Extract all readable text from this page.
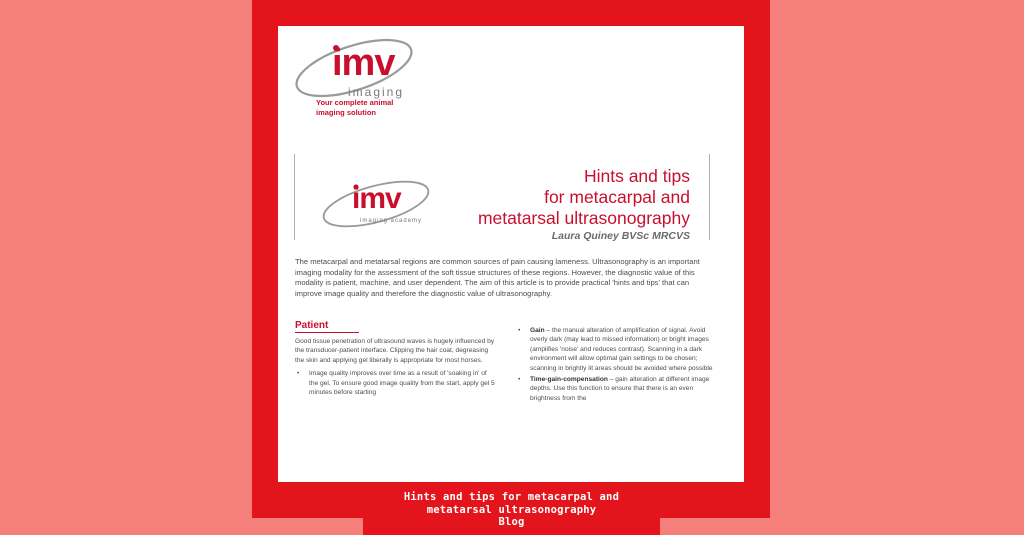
imv
imaging
Your complete animal
imaging solution
imv
imaging academy
Hints and tips
for metacarpal and
metatarsal ultrasonography
Laura Quiney BVSc MRCVS

The metacarpal and metatarsal regions are common sources of pain causing lameness. Ultrasonography is an important imaging modality for the assessment of the soft tissue structures of these regions. However, the diagnostic value of this modality is patient, machine, and user dependent. The aim of this article is to provide practical 'hints and tips' that can improve image quality and therefore the diagnostic value of ultrasonography.

Patient

Good tissue penetration of ultrasound waves is hugely influenced by the transducer-patient interface. Clipping the hair coat, degreasing the skin and applying gel liberally is appropriate for most horses.

• Image quality improves over time as a result of 'soaking in' of the gel. To ensure good image quality from the start, apply gel 5 minutes before starting
• Gain – the manual alteration of amplification of signal. Avoid overly dark (may lead to missed information) or bright images (amplifies 'noise' and reduces contrast). Scanning in a dark environment will allow optimal gain settings to be chosen; scanning in brightly lit areas should be avoided where possible
• Time-gain-compensation – gain alteration at different image depths. Use this function to ensure that there is an even brightness from the
Hints and tips for metacarpal and
metatarsal ultrasonography
Blog
